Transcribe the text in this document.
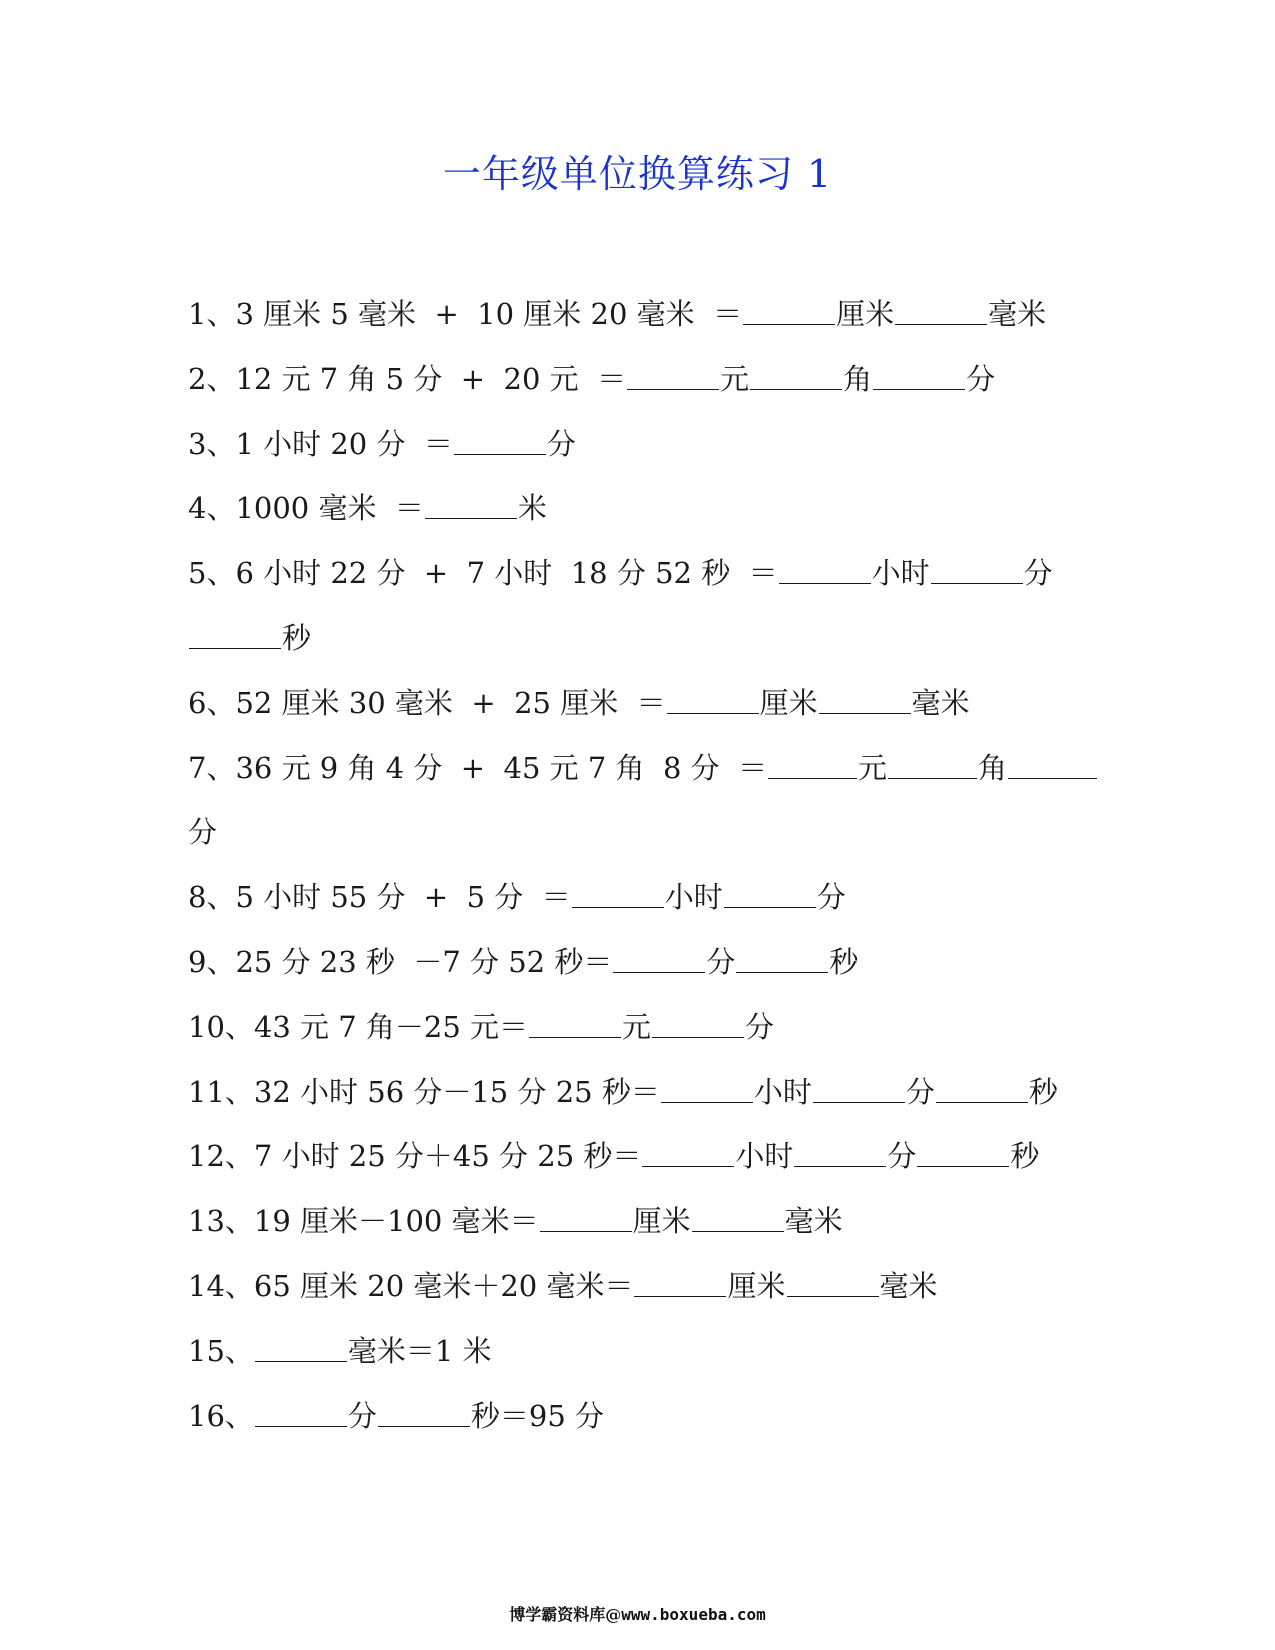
一年级单位换算练习 1
1、3 厘米 5 毫米  +  10 厘米 20 毫米  ＝	厘米	毫米
2、12 元 7 角 5 分  +  20 元  ＝	元	角	分
3、1 小时 20 分  ＝	分
4、1000 毫米  ＝	米
5、6 小时 22 分  +  7 小时  18 分 52 秒  ＝	小时	分
秒
6、52 厘米 30 毫米  +  25 厘米  ＝	厘米	毫米
7、36 元 9 角 4 分  +  45 元 7 角  8 分  ＝	元	角
分
8、5 小时 55 分  +  5 分  ＝	小时	分
9、25 分 23 秒  －7 分 52 秒＝	分	秒
10、43 元 7 角－25 元＝	元	分
11、32 小时 56 分－15 分 25 秒＝	小时	分	秒
12、7 小时 25 分＋45 分 25 秒＝	小时	分	秒
13、19 厘米－100 毫米＝	厘米	毫米
14、65 厘米 20 毫米＋20 毫米＝	厘米	毫米
15、	毫米＝1 米
16、	分	秒＝95 分
博学霸资料库@www.boxueba.com
